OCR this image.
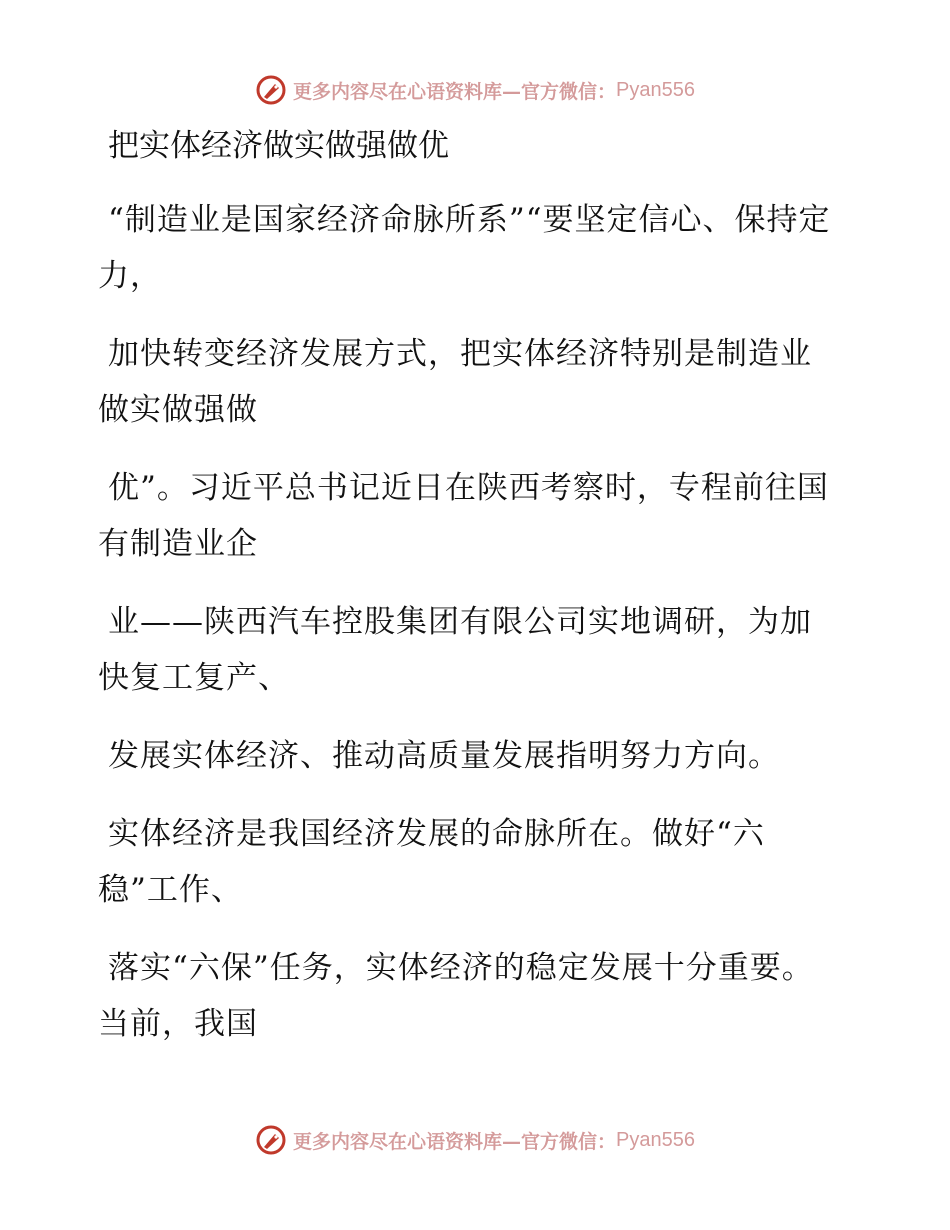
更多内容尽在心语资料库—官方微信： Pyan556
把实体经济做实做强做优

“制造业是国家经济命脉所系”“要坚定信心、保持定力，

加快转变经济发展方式，把实体经济特别是制造业做实做强做

优”。习近平总书记近日在陕西考察时，专程前往国有制造业企

业——陕西汽车控股集团有限公司实地调研，为加快复工复产、

发展实体经济、推动高质量发展指明努力方向。

实体经济是我国经济发展的命脉所在。做好“六稳”工作、

落实“六保”任务，实体经济的稳定发展十分重要。当前，我国

更多内容尽在心语资料库—官方微信： Pyan556
